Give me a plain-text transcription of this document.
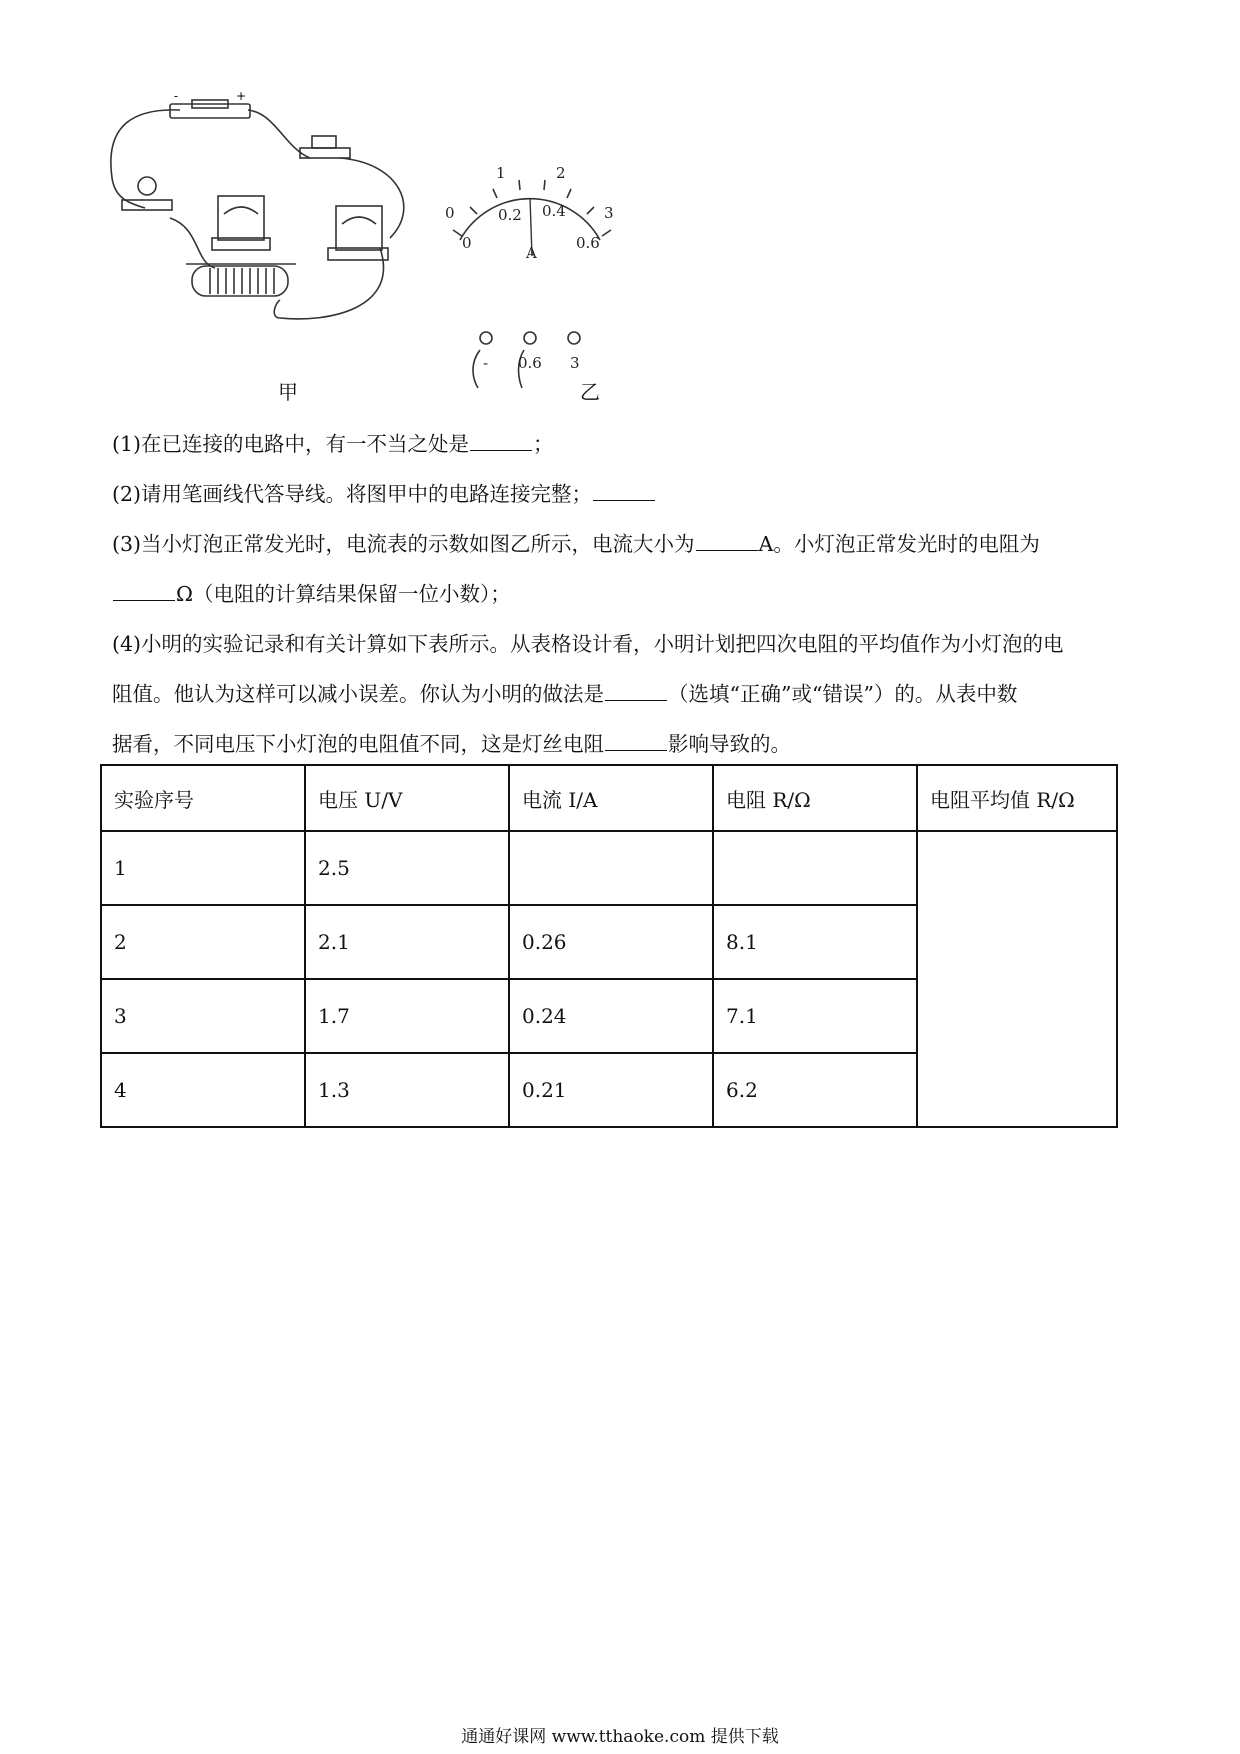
-	+
0
1	2
3
0
0.2 0.4
0.6
A
- 0.6 3
甲	乙
(1)在已连接的电路中，有一不当之处是	；
(2)请用笔画线代答导线。将图甲中的电路连接完整；
(3)当小灯泡正常发光时，电流表的示数如图乙所示，电流大小为	A。小灯泡正常发光时的电阻为
Ω（电阻的计算结果保留一位小数）；
(4)小明的实验记录和有关计算如下表所示。从表格设计看，小明计划把四次电阻的平均值作为小灯泡的电
阻值。他认为这样可以减小误差。你认为小明的做法是	（选填“正确”或“错误”）的。从表中数
据看，不同电压下小灯泡的电阻值不同，这是灯丝电阻	影响导致的。
实验序号	电压 U/V	电流 I/A	电阻 R/Ω	电阻平均值 R/Ω
1	2.5			
2	2.1	0.26	8.1	
3	1.7	0.24	7.1	
4	1.3	0.21	6.2	
通通好课网 www.tthaoke.com 提供下载
